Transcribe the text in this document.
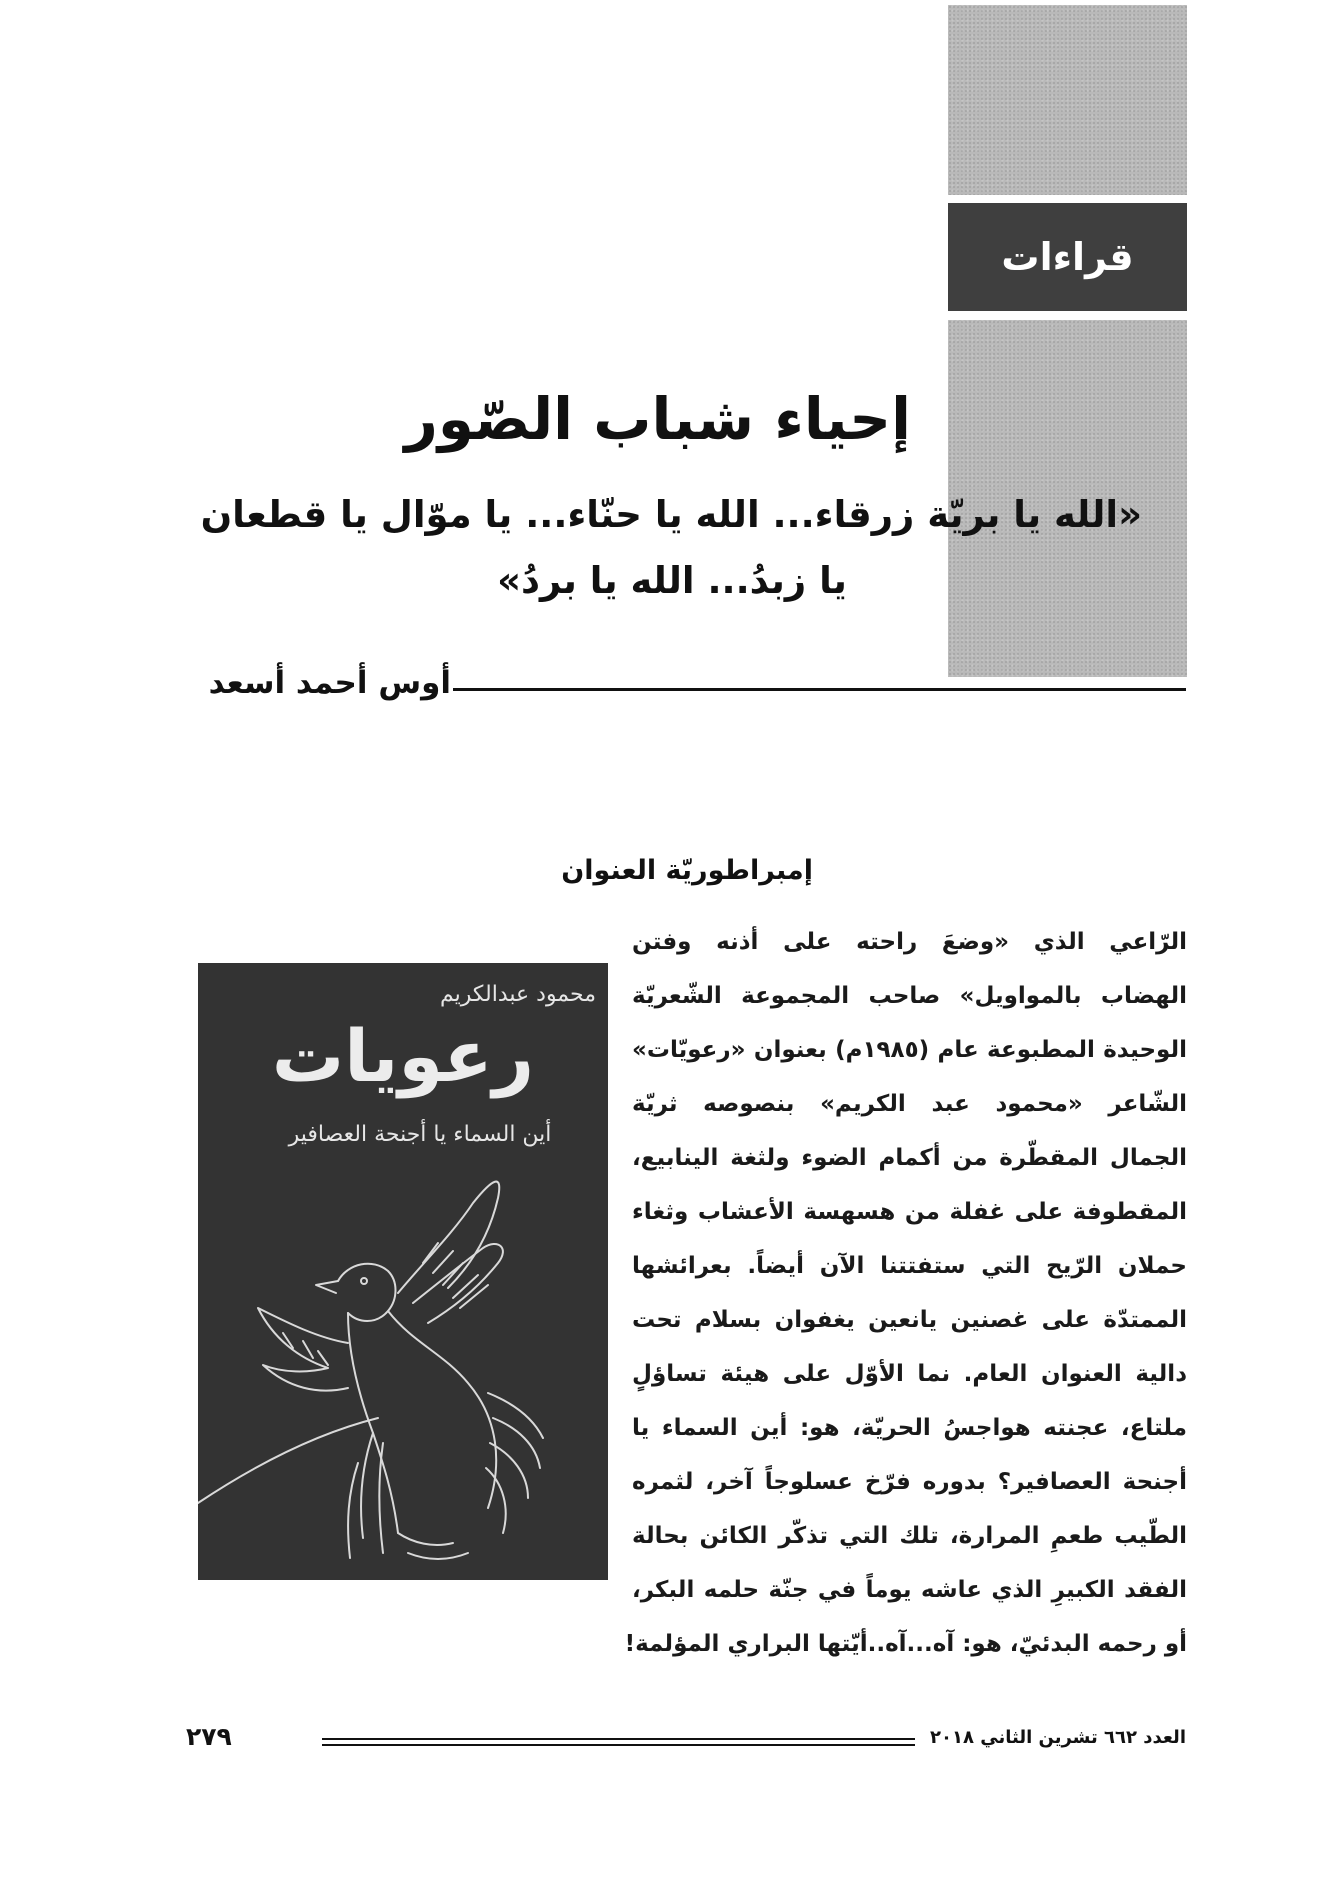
قراءات
إحياء شباب الصّور
«الله يا بريّة زرقاء... الله يا حنّاء... يا موّال يا قطعان
يا زبدُ... الله يا بردُ»
أوس أحمد أسعد
إمبراطوريّة العنوان
الرّاعي الذي «وضعَ راحته على أذنه وفتن
الهضاب بالمواويل» صاحب المجموعة الشّعريّة
الوحيدة المطبوعة عام (١٩٨٥م) بعنوان «رعويّات»
الشّاعر «محمود عبد الكريم» بنصوصه ثريّة
الجمال المقطّرة من أكمام الضوء ولثغة الينابيع،
المقطوفة على غفلة من هسهسة الأعشاب وثغاء
حملان الرّيح التي ستفتتنا الآن أيضاً. بعرائشها
الممتدّة على غصنين يانعين يغفوان بسلام تحت
دالية العنوان العام. نما الأوّل على هيئة تساؤلٍ
ملتاع، عجنته هواجسُ الحريّة، هو: أين السماء يا
أجنحة العصافير؟ بدوره فرّخ عسلوجاً آخر، لثمره
الطّيب طعمِ المرارة، تلك التي تذكّر الكائن بحالة
الفقد الكبيرِ الذي عاشه يوماً في جنّة حلمه البكر،
أو رحمه البدئيّ، هو: آه...آه..أيّتها البراري المؤلمة!
محمود عبدالكريم
رعويات
أين السماء يا أجنحة العصافير
العدد ٦٦٢ تشرين الثاني ٢٠١٨
٢٧٩
